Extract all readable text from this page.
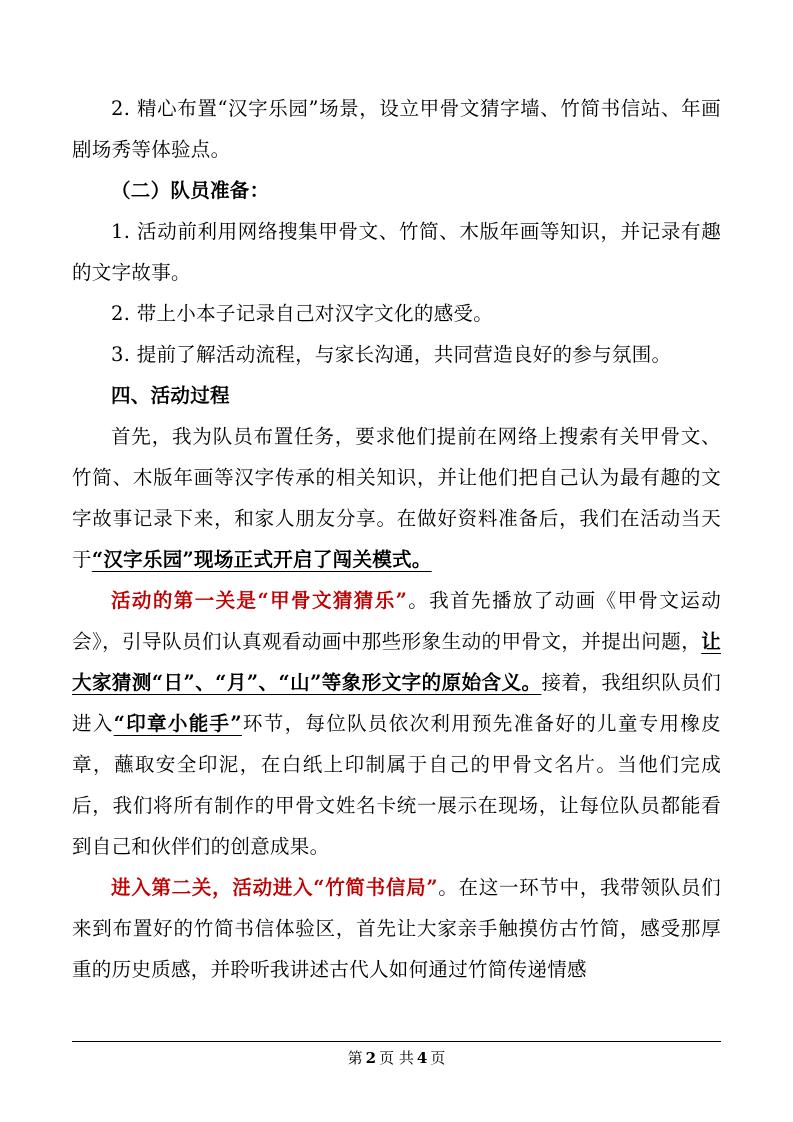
2. 精心布置“汉字乐园”场景，设立甲骨文猜字墙、竹简书信站、年画剧场秀等体验点。

（二）队员准备：

1. 活动前利用网络搜集甲骨文、竹简、木版年画等知识，并记录有趣的文字故事。

2. 带上小本子记录自己对汉字文化的感受。

3. 提前了解活动流程，与家长沟通，共同营造良好的参与氛围。

四、活动过程

首先，我为队员布置任务，要求他们提前在网络上搜索有关甲骨文、竹简、木版年画等汉字传承的相关知识，并让他们把自己认为最有趣的文字故事记录下来，和家人朋友分享。在做好资料准备后，我们在活动当天于“汉字乐园”现场正式开启了闯关模式。

活动的第一关是“甲骨文猜猜乐”。我首先播放了动画《甲骨文运动会》，引导队员们认真观看动画中那些形象生动的甲骨文，并提出问题，让大家猜测“日”、“月”、“山”等象形文字的原始含义。接着，我组织队员们进入“印章小能手”环节，每位队员依次利用预先准备好的儿童专用橡皮章，蘸取安全印泥，在白纸上印制属于自己的甲骨文名片。当他们完成后，我们将所有制作的甲骨文姓名卡统一展示在现场，让每位队员都能看到自己和伙伴们的创意成果。

进入第二关，活动进入“竹简书信局”。在这一环节中，我带领队员们来到布置好的竹简书信体验区，首先让大家亲手触摸仿古竹简，感受那厚重的历史质感，并聆听我讲述古代人如何通过竹简传递情感

第 2 页 共 4 页
